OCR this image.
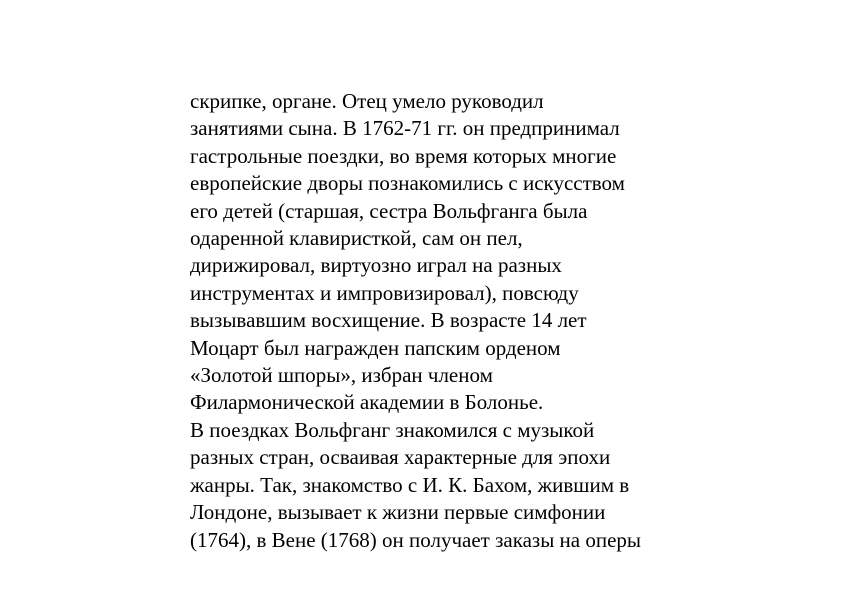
скрипке, органе. Отец умело руководил
занятиями сына. В 1762-71 гг. он предпринимал
гастрольные поездки, во время которых многие
европейские дворы познакомились с искусством
его детей (старшая, сестра Вольфганга была
одаренной клавиристкой, сам он пел,
дирижировал, виртуозно играл на разных
инструментах и импровизировал), повсюду
вызывавшим восхищение. В возрасте 14 лет
Моцарт был награжден папским орденом
«Золотой шпоры», избран членом
Филармонической академии в Болонье.
В поездках Вольфганг знакомился с музыкой
разных стран, осваивая характерные для эпохи
жанры. Так, знакомство с И. К. Бахом, жившим в
Лондоне, вызывает к жизни первые симфонии
(1764), в Вене (1768) он получает заказы на оперы
